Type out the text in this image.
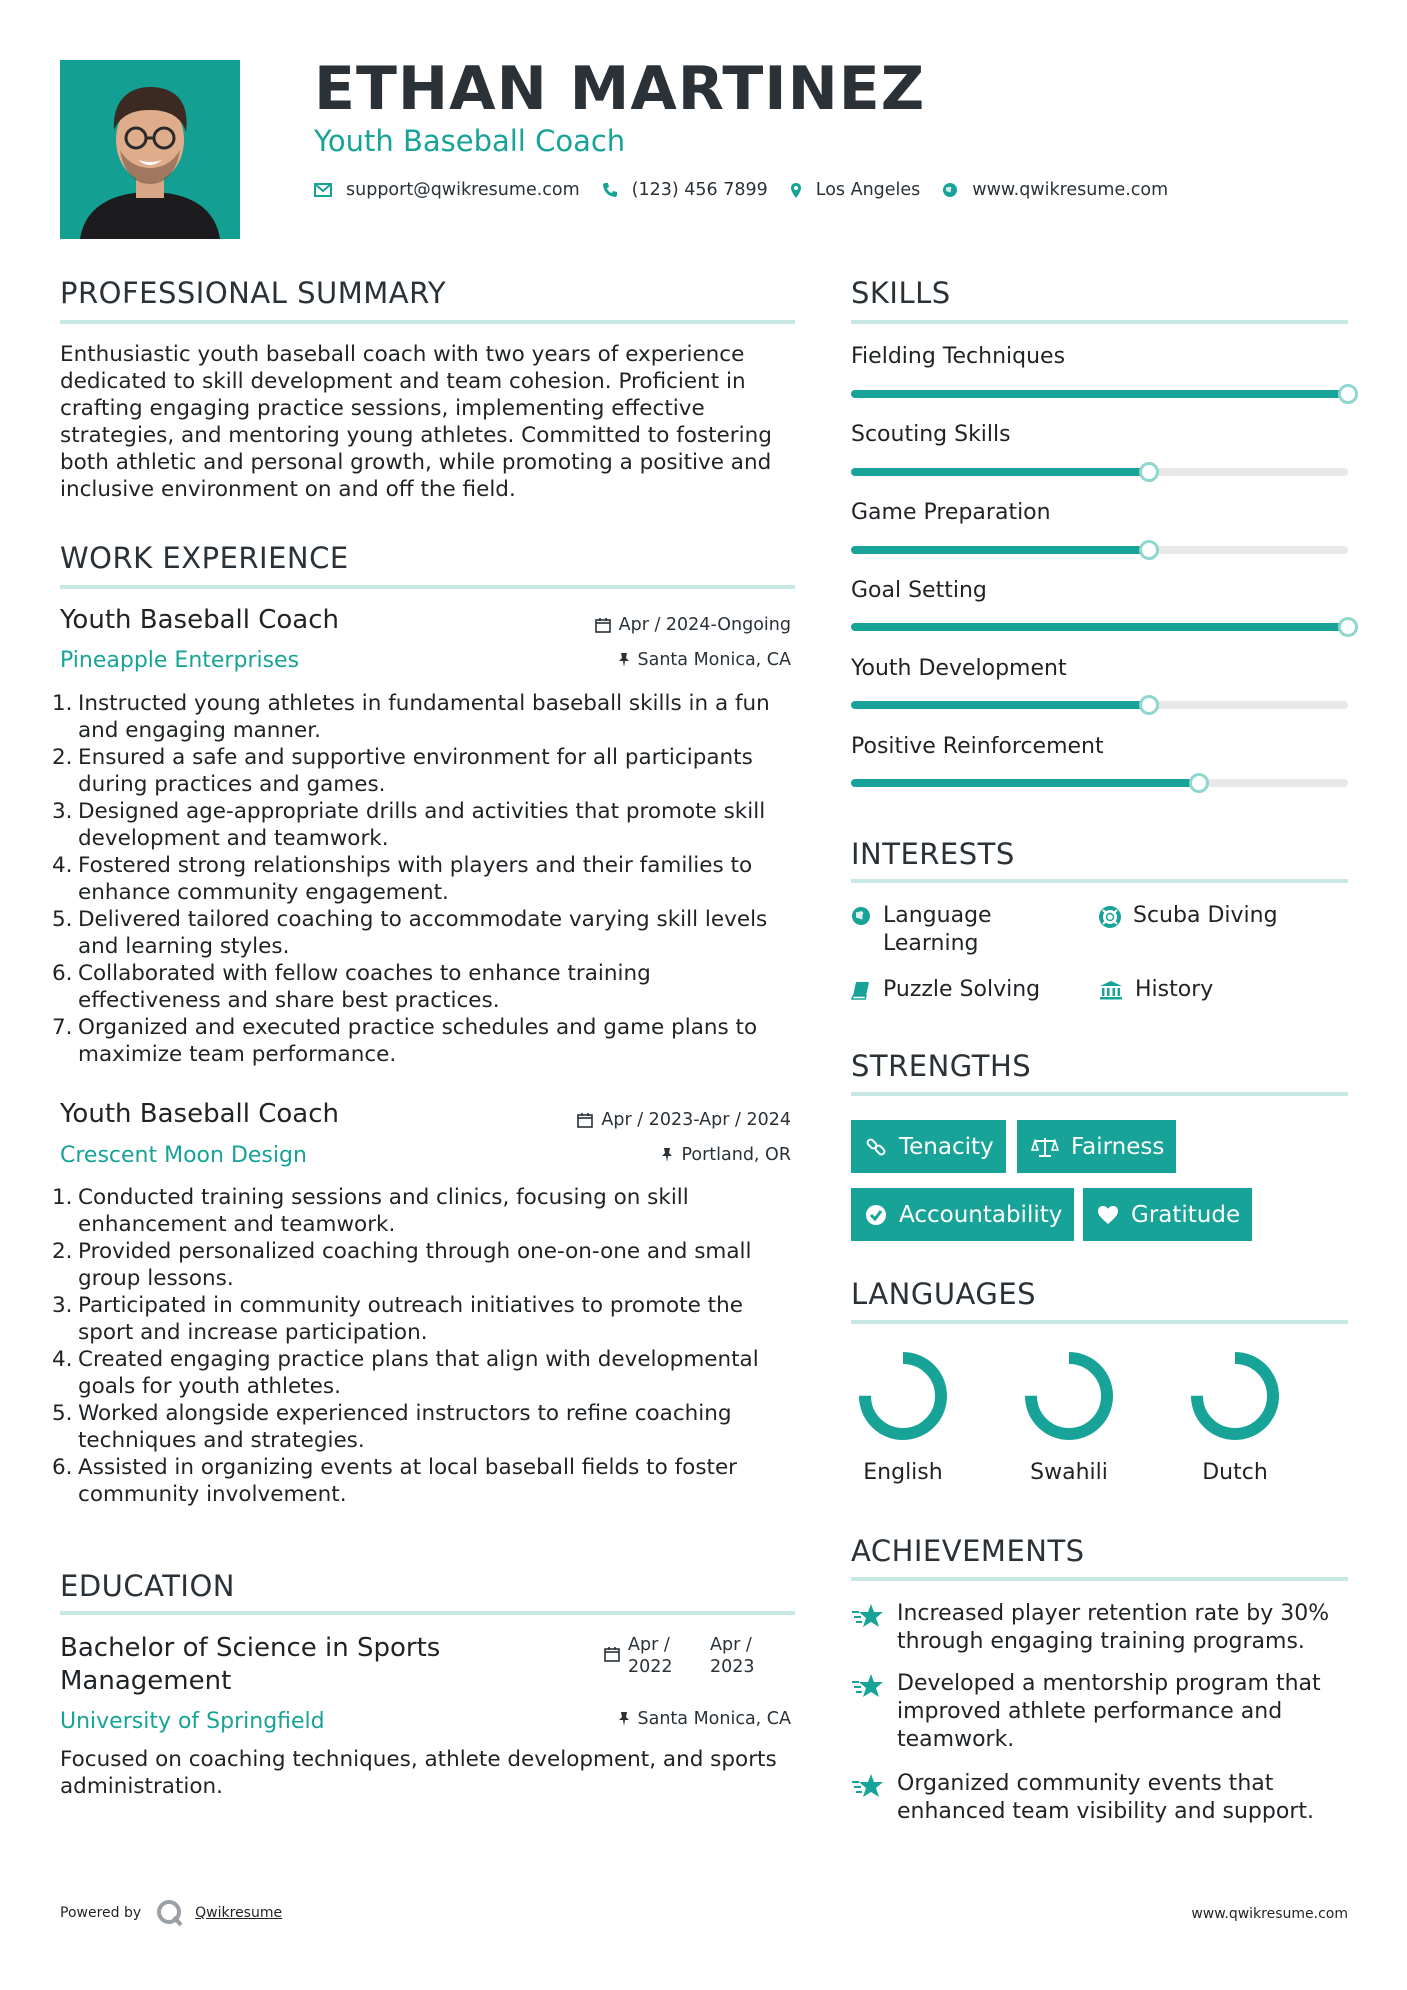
ETHAN MARTINEZ
Youth Baseball Coach
support@qwikresume.com	(123) 456 7899	Los Angeles	www.qwikresume.com
PROFESSIONAL SUMMARY
Enthusiastic youth baseball coach with two years of experience dedicated to skill development and team cohesion. Proficient in crafting engaging practice sessions, implementing effective strategies, and mentoring young athletes. Committed to fostering both athletic and personal growth, while promoting a positive and inclusive environment on and off the field.
WORK EXPERIENCE
Youth Baseball Coach	Apr / 2024-Ongoing
Pineapple Enterprises	Santa Monica, CA
1. Instructed young athletes in fundamental baseball skills in a fun and engaging manner.
2. Ensured a safe and supportive environment for all participants during practices and games.
3. Designed age-appropriate drills and activities that promote skill development and teamwork.
4. Fostered strong relationships with players and their families to enhance community engagement.
5. Delivered tailored coaching to accommodate varying skill levels and learning styles.
6. Collaborated with fellow coaches to enhance training effectiveness and share best practices.
7. Organized and executed practice schedules and game plans to maximize team performance.
Youth Baseball Coach	Apr / 2023-Apr / 2024
Crescent Moon Design	Portland, OR
1. Conducted training sessions and clinics, focusing on skill enhancement and teamwork.
2. Provided personalized coaching through one-on-one and small group lessons.
3. Participated in community outreach initiatives to promote the sport and increase participation.
4. Created engaging practice plans that align with developmental goals for youth athletes.
5. Worked alongside experienced instructors to refine coaching techniques and strategies.
6. Assisted in organizing events at local baseball fields to foster community involvement.
EDUCATION
Bachelor of Science in Sports Management
Apr / 2022
Apr / 2023
University of Springfield	Santa Monica, CA
Focused on coaching techniques, athlete development, and sports administration.
SKILLS
Fielding Techniques
Scouting Skills
Game Preparation
Goal Setting
Youth Development
Positive Reinforcement
INTERESTS
Language Learning
Scuba Diving
Puzzle Solving	History
STRENGTHS
Tenacity	Fairness
Accountability	Gratitude
LANGUAGES
English	Swahili	Dutch
ACHIEVEMENTS
Increased player retention rate by 30% through engaging training programs.
Developed a mentorship program that improved athlete performance and teamwork.
Organized community events that enhanced team visibility and support.
Powered by	Qwikresume	www.qwikresume.com
